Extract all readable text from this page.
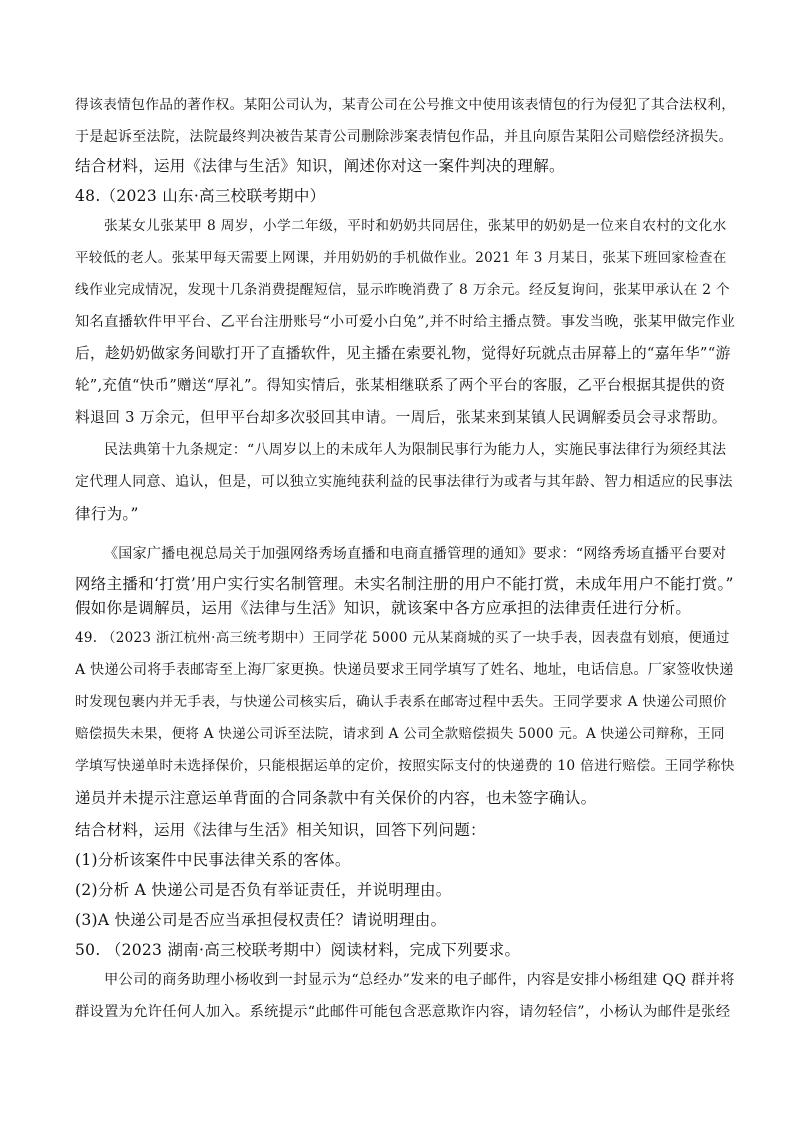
得该表情包作品的著作权。某阳公司认为，某青公司在公号推文中使用该表情包的行为侵犯了其合法权利，
于是起诉至法院，法院最终判决被告某青公司删除涉案表情包作品，并且向原告某阳公司赔偿经济损失。
结合材料，运用《法律与生活》知识，阐述你对这一案件判决的理解。
48.（2023 山东·高三校联考期中）
张某女儿张某甲 8 周岁，小学二年级，平时和奶奶共同居住，张某甲的奶奶是一位来自农村的文化水
平较低的老人。张某甲每天需要上网课，并用奶奶的手机做作业。2021 年 3 月某日，张某下班回家检查在
线作业完成情况，发现十几条消费提醒短信，显示昨晚消费了 8 万余元。经反复询问，张某甲承认在 2 个
知名直播软件甲平台、乙平台注册账号“小可爱小白兔”,并不时给主播点赞。事发当晚，张某甲做完作业
后，趁奶奶做家务间歇打开了直播软件，见主播在索要礼物，觉得好玩就点击屏幕上的“嘉年华”“游
轮”,充值“快币”赠送“厚礼”。得知实情后，张某相继联系了两个平台的客服，乙平台根据其提供的资
料退回 3 万余元，但甲平台却多次驳回其申请。一周后，张某来到某镇人民调解委员会寻求帮助。
民法典第十九条规定：“八周岁以上的未成年人为限制民事行为能力人，实施民事法律行为须经其法
定代理人同意、追认，但是，可以独立实施纯获利益的民事法律行为或者与其年龄、智力相适应的民事法
律行为。”
《国家广播电视总局关于加强网络秀场直播和电商直播管理的通知》要求：“网络秀场直播平台要对
网络主播和‘打赏’用户实行实名制管理。未实名制注册的用户不能打赏，未成年用户不能打赏。”
假如你是调解员，运用《法律与生活》知识，就该案中各方应承担的法律责任进行分析。
49. （2023 浙江杭州·高三统考期中）王同学花 5000 元从某商城的买了一块手表，因表盘有划痕，便通过
A 快递公司将手表邮寄至上海厂家更换。快递员要求王同学填写了姓名、地址，电话信息。厂家签收快递
时发现包裹内并无手表，与快递公司核实后，确认手表系在邮寄过程中丢失。王同学要求 A 快递公司照价
赔偿损失未果，便将 A 快递公司诉至法院，请求到 A 公司全款赔偿损失 5000 元。A 快递公司辩称，王同
学填写快递单时未选择保价，只能根据运单的定价，按照实际支付的快递费的 10 倍进行赔偿。王同学称快
递员并未提示注意运单背面的合同条款中有关保价的内容，也未签字确认。
结合材料，运用《法律与生活》相关知识，回答下列问题：
(1)分析该案件中民事法律关系的客体。
(2)分析 A 快递公司是否负有举证责任，并说明理由。
(3)A 快递公司是否应当承担侵权责任？请说明理由。
50. （2023 湖南·高三校联考期中）阅读材料，完成下列要求。
甲公司的商务助理小杨收到一封显示为“总经办”发来的电子邮件，内容是安排小杨组建 QQ 群并将
群设置为允许任何人加入。系统提示“此邮件可能包含恶意欺诈内容，请勿轻信”，小杨认为邮件是张经
